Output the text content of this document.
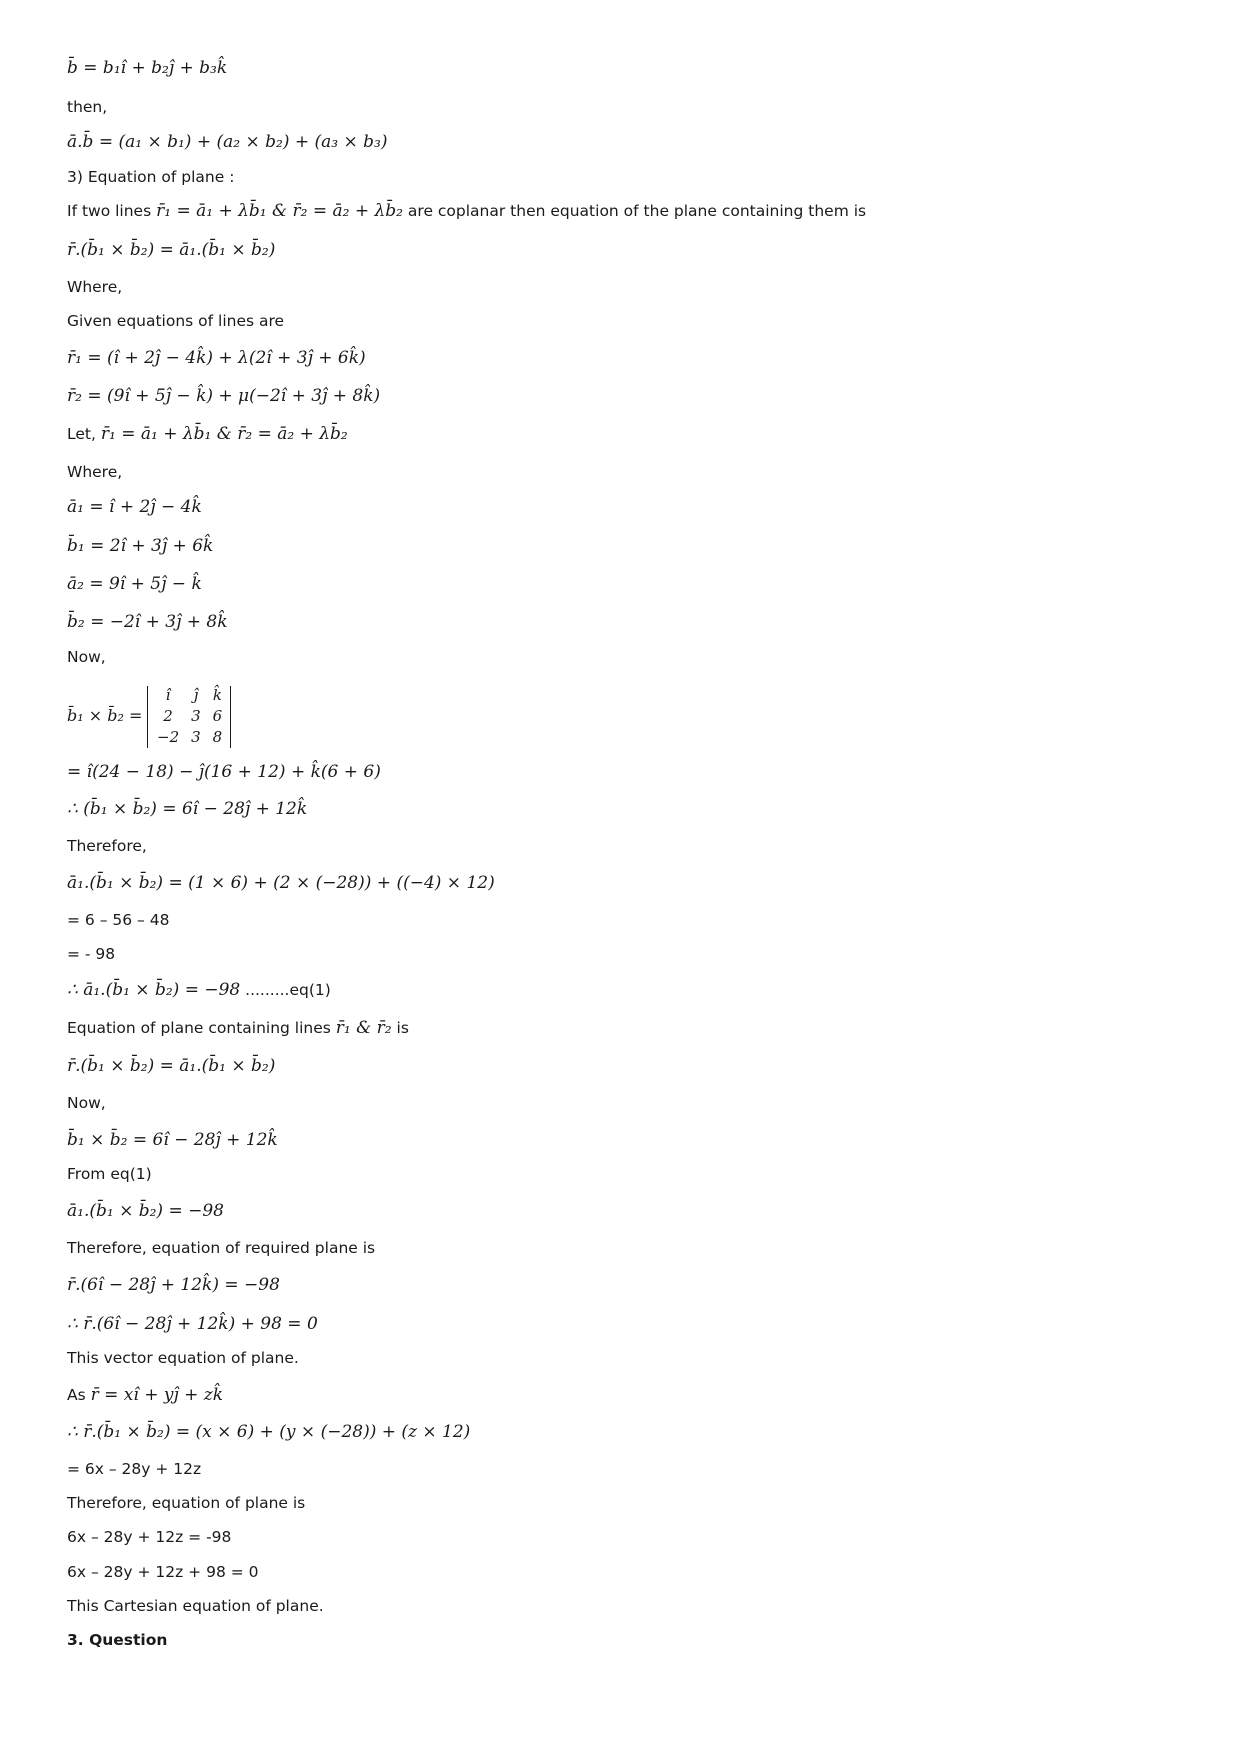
b̄ = b₁î + b₂ĵ + b₃k̂
then,
ā.b̄ = (a₁ × b₁) + (a₂ × b₂) + (a₃ × b₃)
3) Equation of plane :
If two lines r̄₁ = ā₁ + λb̄₁ & r̄₂ = ā₂ + λb̄₂ are coplanar then equation of the plane containing them is
r̄.(b̄₁ × b̄₂) = ā₁.(b̄₁ × b̄₂)
Where,
Given equations of lines are
r̄₁ = (î + 2ĵ − 4k̂) + λ(2î + 3ĵ + 6k̂)
r̄₂ = (9î + 5ĵ − k̂) + μ(−2î + 3ĵ + 8k̂)
Let, r̄₁ = ā₁ + λb̄₁ & r̄₂ = ā₂ + λb̄₂
Where,
ā₁ = î + 2ĵ − 4k̂
b̄₁ = 2î + 3ĵ + 6k̂
ā₂ = 9î + 5ĵ − k̂
b̄₂ = −2î + 3ĵ + 8k̂
Now,
= î(24 − 18) − ĵ(16 + 12) + k̂(6 + 6)
∴ (b̄₁ × b̄₂) = 6î − 28ĵ + 12k̂
Therefore,
ā₁.(b̄₁ × b̄₂) = (1 × 6) + (2 × (−28)) + ((−4) × 12)
= 6 – 56 – 48
= - 98
∴ ā₁.(b̄₁ × b̄₂) = −98 .........eq(1)
Equation of plane containing lines r̄₁ & r̄₂ is
r̄.(b̄₁ × b̄₂) = ā₁.(b̄₁ × b̄₂)
Now,
b̄₁ × b̄₂ = 6î − 28ĵ + 12k̂
From eq(1)
ā₁.(b̄₁ × b̄₂) = −98
Therefore, equation of required plane is
r̄.(6î − 28ĵ + 12k̂) = −98
∴ r̄.(6î − 28ĵ + 12k̂) + 98 = 0
This vector equation of plane.
As r̄ = xî + yĵ + zk̂
∴ r̄.(b̄₁ × b̄₂) = (x × 6) + (y × (−28)) + (z × 12)
= 6x – 28y + 12z
Therefore, equation of plane is
6x – 28y + 12z = -98
6x – 28y + 12z + 98 = 0
This Cartesian equation of plane.
3. Question
b̄₁ × b̄₂ =
î	ĵ	k̂
2	3	6
−2	3	8
